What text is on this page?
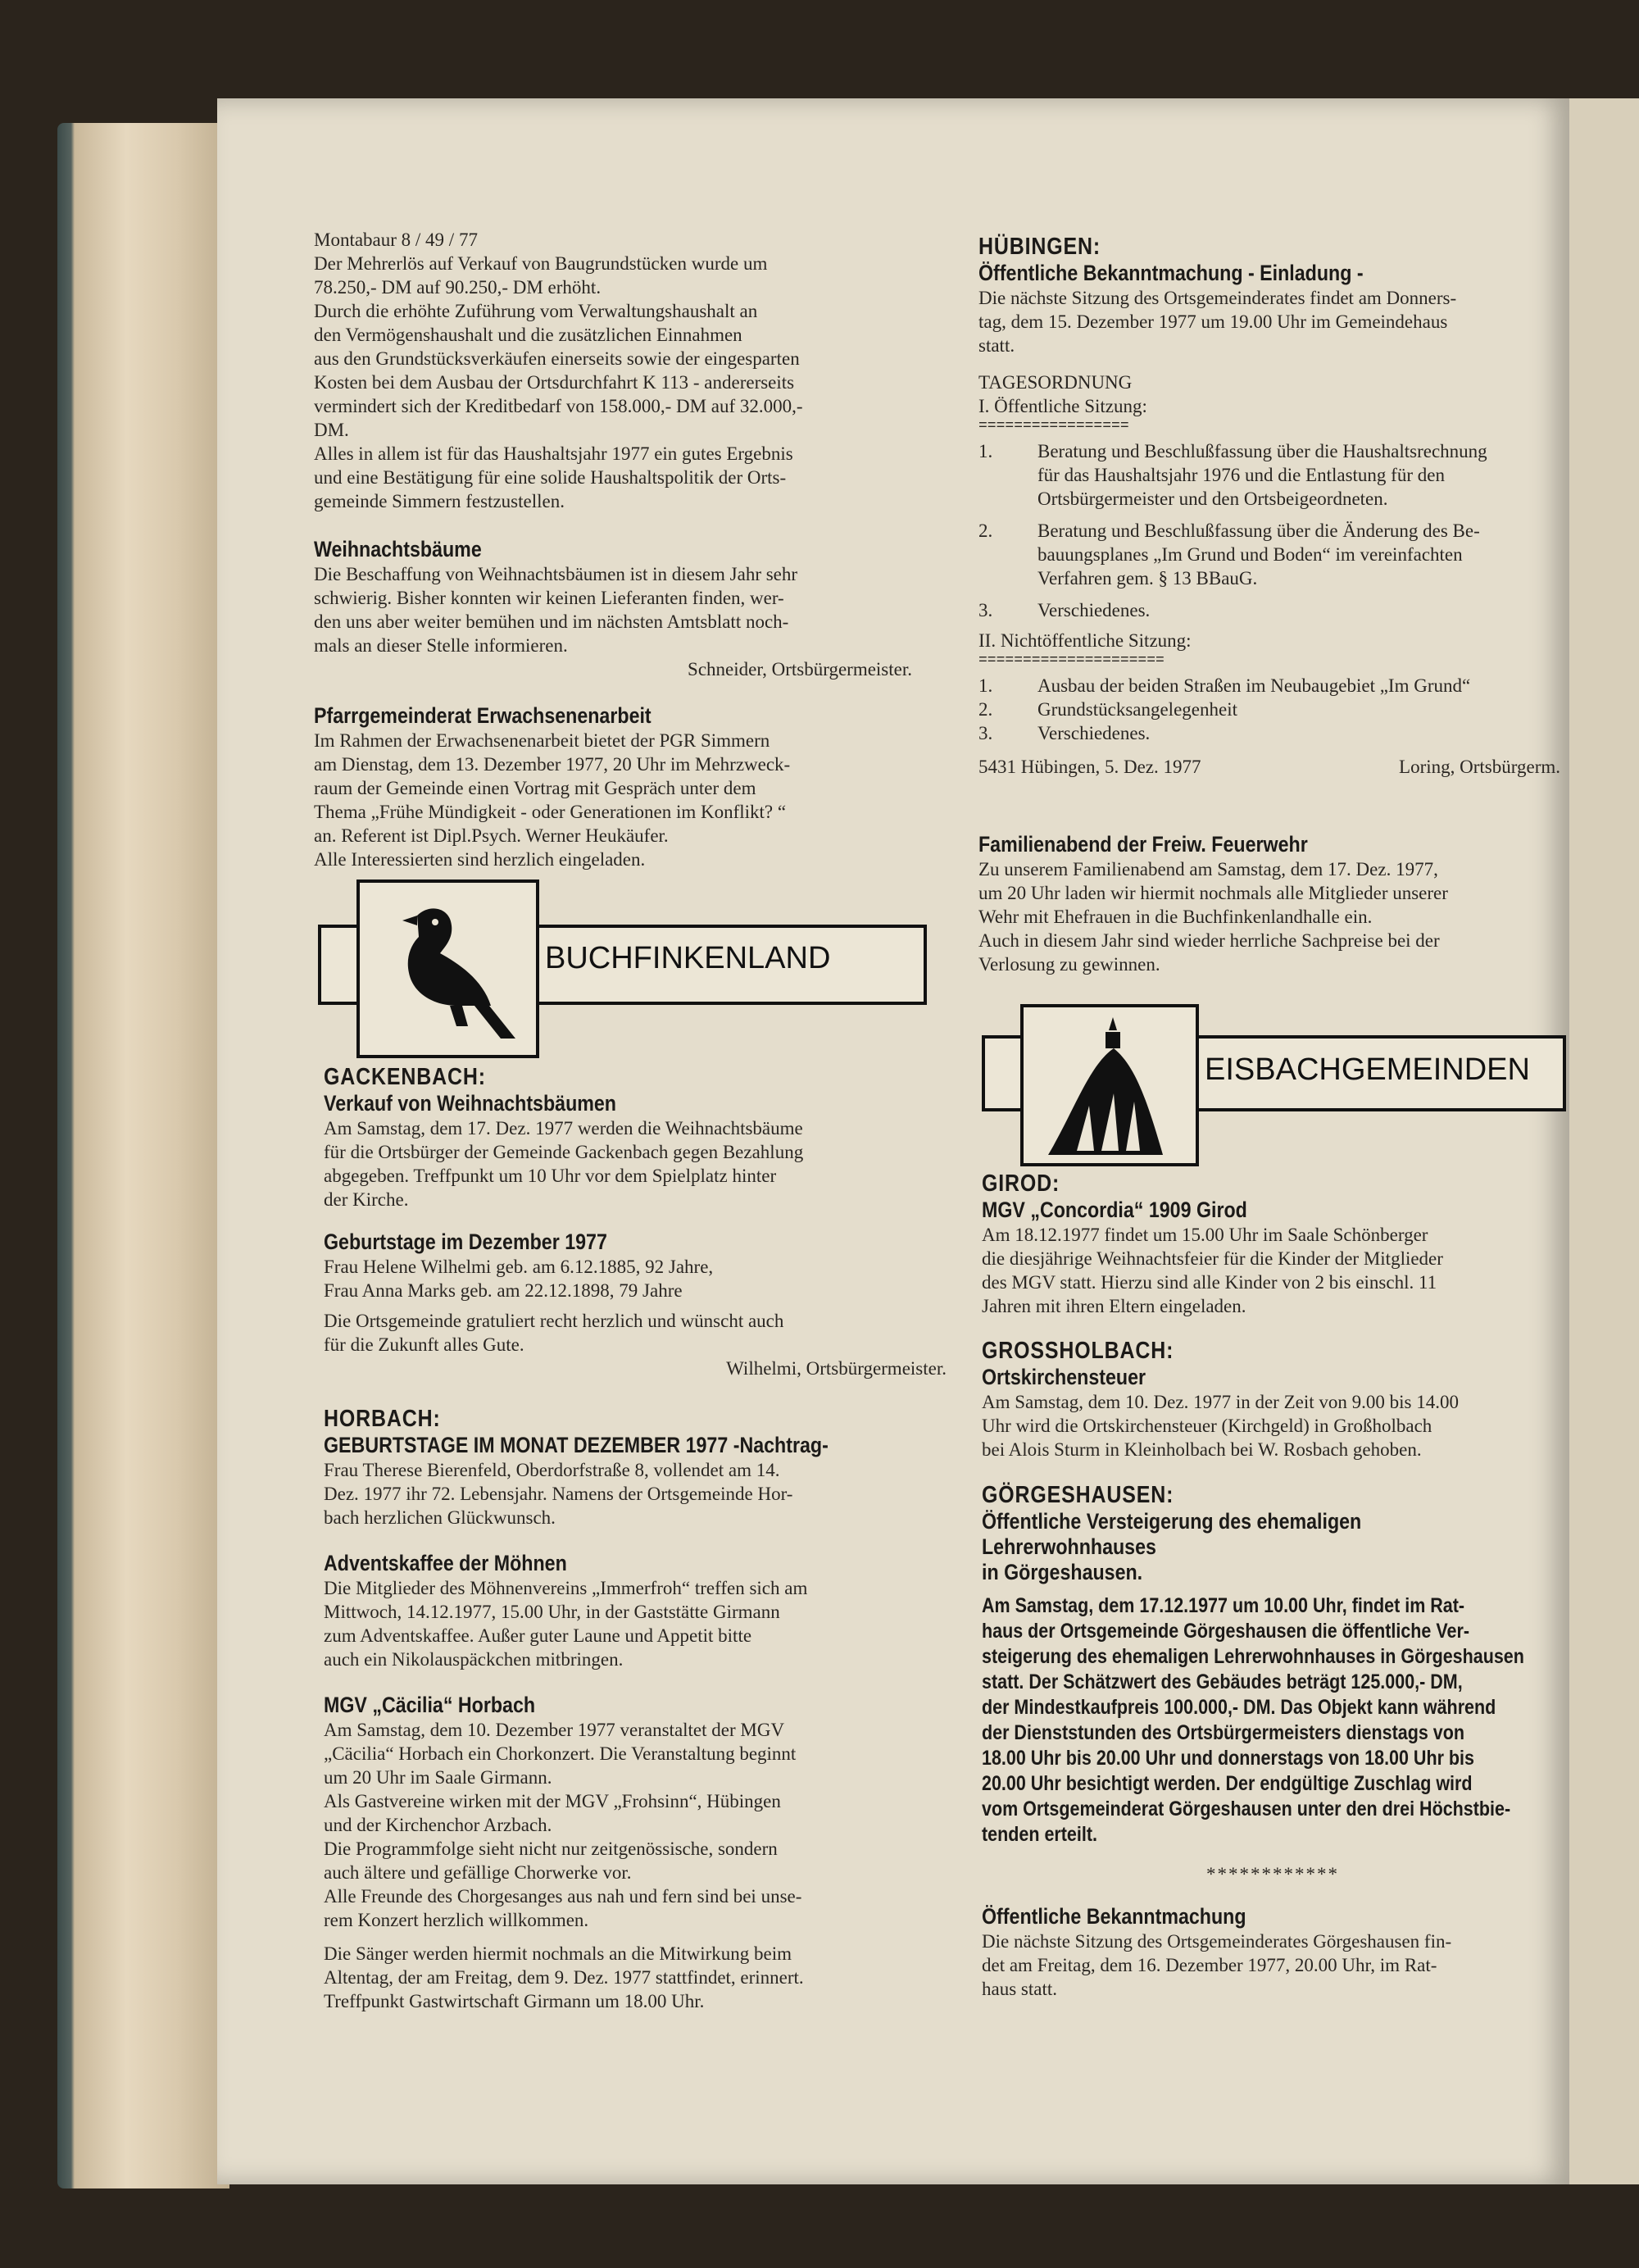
Montabaur 8 / 49 / 77

Der Mehrerlös auf Verkauf von Baugrundstücken wurde um
78.250,- DM auf 90.250,- DM erhöht.
Durch die erhöhte Zuführung vom Verwaltungshaushalt an
den Vermögenshaushalt und die zusätzlichen Einnahmen
aus den Grundstücksverkäufen einerseits sowie der eingesparten
Kosten bei dem Ausbau der Ortsdurchfahrt K 113 - andererseits
vermindert sich der Kreditbedarf von 158.000,- DM auf 32.000,-
DM.
Alles in allem ist für das Haushaltsjahr 1977 ein gutes Ergebnis
und eine Bestätigung für eine solide Haushaltspolitik der Orts-
gemeinde Simmern festzustellen.

Weihnachtsbäume

Die Beschaffung von Weihnachtsbäumen ist in diesem Jahr sehr
schwierig. Bisher konnten wir keinen Lieferanten finden, wer-
den uns aber weiter bemühen und im nächsten Amtsblatt noch-
mals an dieser Stelle informieren.

Schneider, Ortsbürgermeister.

Pfarrgemeinderat Erwachsenenarbeit

Im Rahmen der Erwachsenenarbeit bietet der PGR Simmern
am Dienstag, dem 13. Dezember 1977, 20 Uhr im Mehrzweck-
raum der Gemeinde einen Vortrag mit Gespräch unter dem
Thema „Frühe Mündigkeit - oder Generationen im Konflikt? “
an. Referent ist Dipl.Psych. Werner Heukäufer.
Alle Interessierten sind herzlich eingeladen.

BUCHFINKENLAND

GACKENBACH:

Verkauf von Weihnachtsbäumen

Am Samstag, dem 17. Dez. 1977 werden die Weihnachtsbäume
für die Ortsbürger der Gemeinde Gackenbach gegen Bezahlung
abgegeben. Treffpunkt um 10 Uhr vor dem Spielplatz hinter
der Kirche.

Geburtstage im Dezember 1977

Frau Helene Wilhelmi geb. am 6.12.1885, 92 Jahre,
Frau Anna Marks geb. am 22.12.1898, 79 Jahre

Die Ortsgemeinde gratuliert recht herzlich und wünscht auch
für die Zukunft alles Gute.

Wilhelmi, Ortsbürgermeister.

HORBACH:

GEBURTSTAGE IM MONAT DEZEMBER 1977 -Nachtrag-

Frau Therese Bierenfeld, Oberdorfstraße 8, vollendet am 14.
Dez. 1977 ihr 72. Lebensjahr. Namens der Ortsgemeinde Hor-
bach herzlichen Glückwunsch.

Adventskaffee der Möhnen

Die Mitglieder des Möhnenvereins „Immerfroh“ treffen sich am
Mittwoch, 14.12.1977, 15.00 Uhr, in der Gaststätte Girmann
zum Adventskaffee. Außer guter Laune und Appetit bitte
auch ein Nikolauspäckchen mitbringen.

MGV „Cäcilia“ Horbach

Am Samstag, dem 10. Dezember 1977 veranstaltet der MGV
„Cäcilia“ Horbach ein Chorkonzert. Die Veranstaltung beginnt
um 20 Uhr im Saale Girmann.
Als Gastvereine wirken mit der MGV „Frohsinn“, Hübingen
und der Kirchenchor Arzbach.
Die Programmfolge sieht nicht nur zeitgenössische, sondern
auch ältere und gefällige Chorwerke vor.
Alle Freunde des Chorgesanges aus nah und fern sind bei unse-
rem Konzert herzlich willkommen.

Die Sänger werden hiermit nochmals an die Mitwirkung beim
Altentag, der am Freitag, dem 9. Dez. 1977 stattfindet, erinnert.
Treffpunkt Gastwirtschaft Girmann um 18.00 Uhr.

HÜBINGEN:

Öffentliche Bekanntmachung - Einladung -

Die nächste Sitzung des Ortsgemeinderates findet am Donners-
tag, dem 15. Dezember 1977 um 19.00 Uhr im Gemeindehaus
statt.

TAGESORDNUNG

I. Öffentliche Sitzung:

=================

1.	Beratung und Beschlußfassung über die Haushaltsrechnung
für das Haushaltsjahr 1976 und die Entlastung für den
Ortsbürgermeister und den Ortsbeigeordneten.
2.	Beratung und Beschlußfassung über die Änderung des Be-
bauungsplanes „Im Grund und Boden“ im vereinfachten
Verfahren gem. § 13 BBauG.
3.	Verschiedenes.

II. Nichtöffentliche Sitzung:

=====================

1.	Ausbau der beiden Straßen im Neubaugebiet „Im Grund“
2.	Grundstücksangelegenheit
3.	Verschiedenes.
5431 Hübingen, 5. Dez. 1977	Loring, Ortsbürgerm.

Familienabend der Freiw. Feuerwehr

Zu unserem Familienabend am Samstag, dem 17. Dez. 1977,
um 20 Uhr laden wir hiermit nochmals alle Mitglieder unserer
Wehr mit Ehefrauen in die Buchfinkenlandhalle ein.
Auch in diesem Jahr sind wieder herrliche Sachpreise bei der
Verlosung zu gewinnen.

EISBACHGEMEINDEN

GIROD:

MGV „Concordia“ 1909 Girod

Am 18.12.1977 findet um 15.00 Uhr im Saale Schönberger
die diesjährige Weihnachtsfeier für die Kinder der Mitglieder
des MGV statt. Hierzu sind alle Kinder von 2 bis einschl. 11
Jahren mit ihren Eltern eingeladen.

GROSSHOLBACH:

Ortskirchensteuer

Am Samstag, dem 10. Dez. 1977 in der Zeit von 9.00 bis 14.00
Uhr wird die Ortskirchensteuer (Kirchgeld) in Großholbach
bei Alois Sturm in Kleinholbach bei W. Rosbach gehoben.

GÖRGESHAUSEN:

Öffentliche Versteigerung des ehemaligen Lehrerwohnhauses
in Görgeshausen.

Am Samstag, dem 17.12.1977 um 10.00 Uhr, findet im Rat-
haus der Ortsgemeinde Görgeshausen die öffentliche Ver-
steigerung des ehemaligen Lehrerwohnhauses in Görgeshausen
statt. Der Schätzwert des Gebäudes beträgt 125.000,- DM,
der Mindestkaufpreis 100.000,- DM. Das Objekt kann während
der Dienststunden des Ortsbürgermeisters dienstags von
18.00 Uhr bis 20.00 Uhr und donnerstags von 18.00 Uhr bis
20.00 Uhr besichtigt werden. Der endgültige Zuschlag wird
vom Ortsgemeinderat Görgeshausen unter den drei Höchstbie-
tenden erteilt.

************

Öffentliche Bekanntmachung

Die nächste Sitzung des Ortsgemeinderates Görgeshausen fin-
det am Freitag, dem 16. Dezember 1977, 20.00 Uhr, im Rat-
haus statt.
